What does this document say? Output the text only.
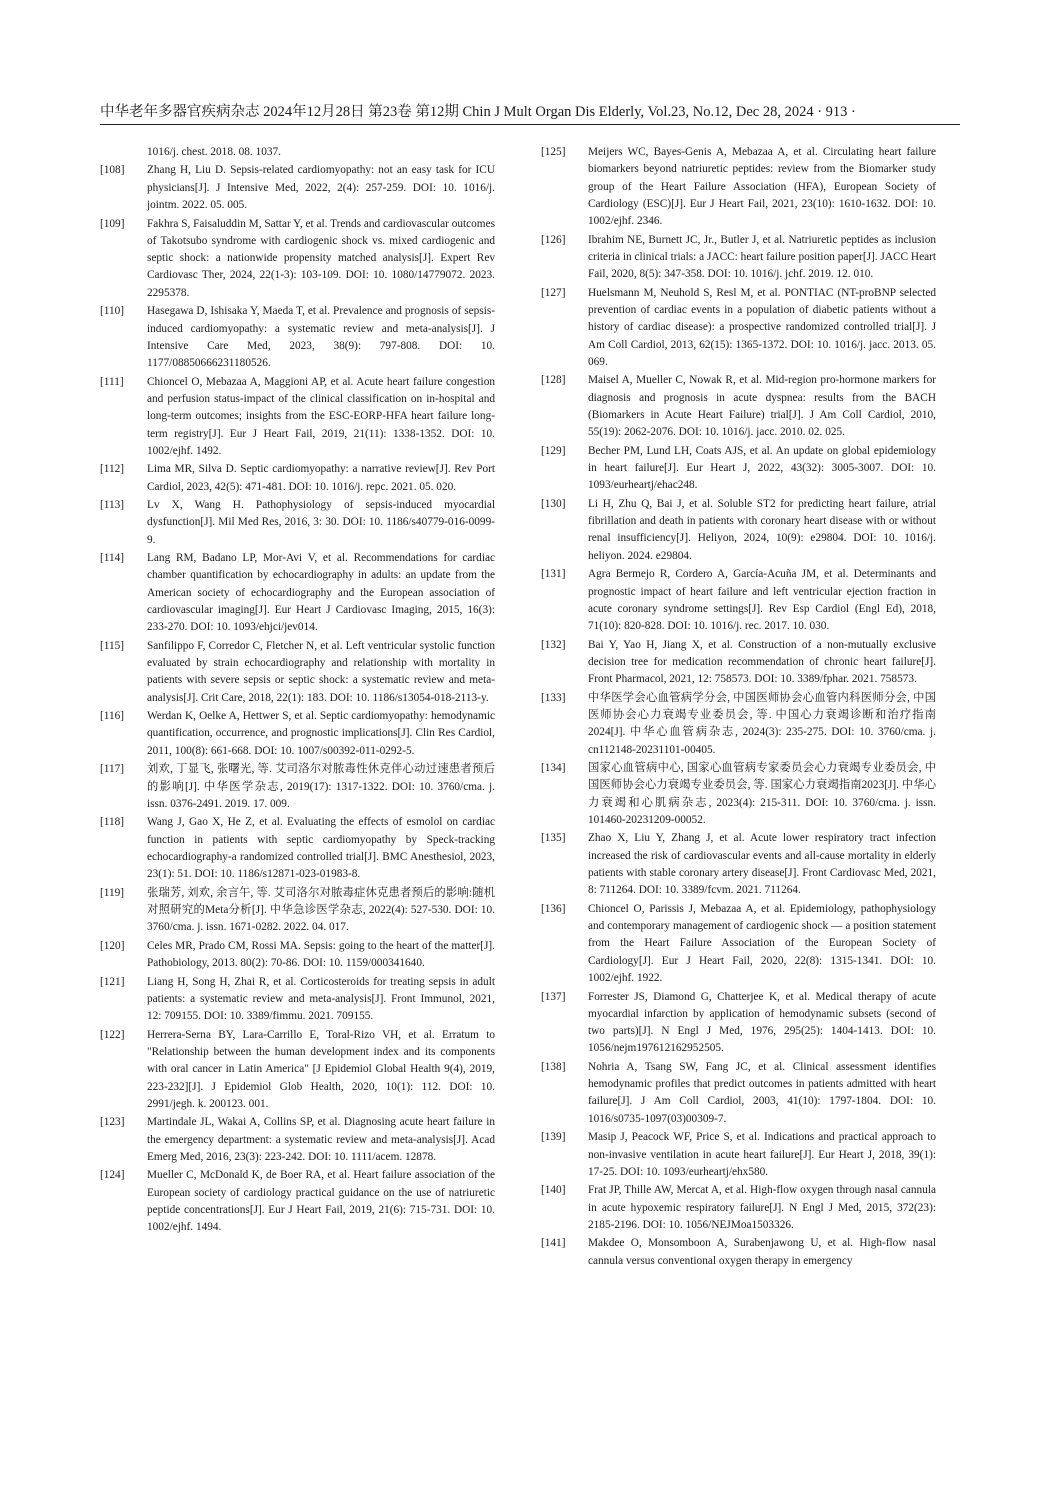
中华老年多器官疾病杂志 2024年12月28日 第23卷 第12期 Chin J Mult Organ Dis Elderly, Vol.23, No.12, Dec 28, 2024 · 913 ·
1016/j. chest. 2018. 08. 1037.
[108]	Zhang H, Liu D. Sepsis-related cardiomyopathy: not an easy task for ICU physicians[J]. J Intensive Med, 2022, 2(4): 257-259. DOI: 10. 1016/j. jointm. 2022. 05. 005.
[109]	Fakhra S, Faisaluddin M, Sattar Y, et al. Trends and cardiovascular outcomes of Takotsubo syndrome with cardiogenic shock vs. mixed cardiogenic and septic shock: a nationwide propensity matched analysis[J]. Expert Rev Cardiovasc Ther, 2024, 22(1-3): 103-109. DOI: 10. 1080/14779072. 2023. 2295378.
[110]	Hasegawa D, Ishisaka Y, Maeda T, et al. Prevalence and prognosis of sepsis-induced cardiomyopathy: a systematic review and meta-analysis[J]. J Intensive Care Med, 2023, 38(9): 797-808. DOI: 10. 1177/08850666231180526.
[111]	Chioncel O, Mebazaa A, Maggioni AP, et al. Acute heart failure congestion and perfusion status-impact of the clinical classification on in-hospital and long-term outcomes; insights from the ESC-EORP-HFA heart failure long-term registry[J]. Eur J Heart Fail, 2019, 21(11): 1338-1352. DOI: 10. 1002/ejhf. 1492.
[112]	Lima MR, Silva D. Septic cardiomyopathy: a narrative review[J]. Rev Port Cardiol, 2023, 42(5): 471-481. DOI: 10. 1016/j. repc. 2021. 05. 020.
[113]	Lv X, Wang H. Pathophysiology of sepsis-induced myocardial dysfunction[J]. Mil Med Res, 2016, 3: 30. DOI: 10. 1186/s40779-016-0099-9.
[114]	Lang RM, Badano LP, Mor-Avi V, et al. Recommendations for cardiac chamber quantification by echocardiography in adults: an update from the American society of echocardiography and the European association of cardiovascular imaging[J]. Eur Heart J Cardiovasc Imaging, 2015, 16(3): 233-270. DOI: 10. 1093/ehjci/jev014.
[115]	Sanfilippo F, Corredor C, Fletcher N, et al. Left ventricular systolic function evaluated by strain echocardiography and relationship with mortality in patients with severe sepsis or septic shock: a systematic review and meta-analysis[J]. Crit Care, 2018, 22(1): 183. DOI: 10. 1186/s13054-018-2113-y.
[116]	Werdan K, Oelke A, Hettwer S, et al. Septic cardiomyopathy: hemodynamic quantification, occurrence, and prognostic implications[J]. Clin Res Cardiol, 2011, 100(8): 661-668. DOI: 10. 1007/s00392-011-0292-5.
[117]	刘欢, 丁显飞, 张曙光, 等. 艾司洛尔对脓毒性休克伴心动过速患者预后的影响[J]. 中华医学杂志, 2019(17): 1317-1322. DOI: 10. 3760/cma. j. issn. 0376-2491. 2019. 17. 009.
[118]	Wang J, Gao X, He Z, et al. Evaluating the effects of esmolol on cardiac function in patients with septic cardiomyopathy by Speck-tracking echocardiography-a randomized controlled trial[J]. BMC Anesthesiol, 2023, 23(1): 51. DOI: 10. 1186/s12871-023-01983-8.
[119]	张瑞芳, 刘欢, 余言午, 等. 艾司洛尔对脓毒症休克患者预后的影响:随机对照研究的Meta分析[J]. 中华急诊医学杂志, 2022(4): 527-530. DOI: 10. 3760/cma. j. issn. 1671-0282. 2022. 04. 017.
[120]	Celes MR, Prado CM, Rossi MA. Sepsis: going to the heart of the matter[J]. Pathobiology, 2013. 80(2): 70-86. DOI: 10. 1159/000341640.
[121]	Liang H, Song H, Zhai R, et al. Corticosteroids for treating sepsis in adult patients: a systematic review and meta-analysis[J]. Front Immunol, 2021, 12: 709155. DOI: 10. 3389/fimmu. 2021. 709155.
[122]	Herrera-Serna BY, Lara-Carrillo E, Toral-Rizo VH, et al. Erratum to "Relationship between the human development index and its components with oral cancer in Latin America" [J Epidemiol Global Health 9(4), 2019, 223-232][J]. J Epidemiol Glob Health, 2020, 10(1): 112. DOI: 10. 2991/jegh. k. 200123. 001.
[123]	Martindale JL, Wakai A, Collins SP, et al. Diagnosing acute heart failure in the emergency department: a systematic review and meta-analysis[J]. Acad Emerg Med, 2016, 23(3): 223-242. DOI: 10. 1111/acem. 12878.
[124]	Mueller C, McDonald K, de Boer RA, et al. Heart failure association of the European society of cardiology practical guidance on the use of natriuretic peptide concentrations[J]. Eur J Heart Fail, 2019, 21(6): 715-731. DOI: 10. 1002/ejhf. 1494.
[125]	Meijers WC, Bayes-Genis A, Mebazaa A, et al. Circulating heart failure biomarkers beyond natriuretic peptides: review from the Biomarker study group of the Heart Failure Association (HFA), European Society of Cardiology (ESC)[J]. Eur J Heart Fail, 2021, 23(10): 1610-1632. DOI: 10. 1002/ejhf. 2346.
[126]	Ibrahim NE, Burnett JC, Jr., Butler J, et al. Natriuretic peptides as inclusion criteria in clinical trials: a JACC: heart failure position paper[J]. JACC Heart Fail, 2020, 8(5): 347-358. DOI: 10. 1016/j. jchf. 2019. 12. 010.
[127]	Huelsmann M, Neuhold S, Resl M, et al. PONTIAC (NT-proBNP selected prevention of cardiac events in a population of diabetic patients without a history of cardiac disease): a prospective randomized controlled trial[J]. J Am Coll Cardiol, 2013, 62(15): 1365-1372. DOI: 10. 1016/j. jacc. 2013. 05. 069.
[128]	Maisel A, Mueller C, Nowak R, et al. Mid-region pro-hormone markers for diagnosis and prognosis in acute dyspnea: results from the BACH (Biomarkers in Acute Heart Failure) trial[J]. J Am Coll Cardiol, 2010, 55(19): 2062-2076. DOI: 10. 1016/j. jacc. 2010. 02. 025.
[129]	Becher PM, Lund LH, Coats AJS, et al. An update on global epidemiology in heart failure[J]. Eur Heart J, 2022, 43(32): 3005-3007. DOI: 10. 1093/eurheartj/ehac248.
[130]	Li H, Zhu Q, Bai J, et al. Soluble ST2 for predicting heart failure, atrial fibrillation and death in patients with coronary heart disease with or without renal insufficiency[J]. Heliyon, 2024, 10(9): e29804. DOI: 10. 1016/j. heliyon. 2024. e29804.
[131]	Agra Bermejo R, Cordero A, García-Acuña JM, et al. Determinants and prognostic impact of heart failure and left ventricular ejection fraction in acute coronary syndrome settings[J]. Rev Esp Cardiol (Engl Ed), 2018, 71(10): 820-828. DOI: 10. 1016/j. rec. 2017. 10. 030.
[132]	Bai Y, Yao H, Jiang X, et al. Construction of a non-mutually exclusive decision tree for medication recommendation of chronic heart failure[J]. Front Pharmacol, 2021, 12: 758573. DOI: 10. 3389/fphar. 2021. 758573.
[133]	中华医学会心血管病学分会, 中国医师协会心血管内科医师分会, 中国医师协会心力衰竭专业委员会, 等. 中国心力衰竭诊断和治疗指南2024[J]. 中华心血管病杂志, 2024(3): 235-275. DOI: 10. 3760/cma. j. cn112148-20231101-00405.
[134]	国家心血管病中心, 国家心血管病专家委员会心力衰竭专业委员会, 中国医师协会心力衰竭专业委员会, 等. 国家心力衰竭指南2023[J]. 中华心力衰竭和心肌病杂志, 2023(4): 215-311. DOI: 10. 3760/cma. j. issn. 101460-20231209-00052.
[135]	Zhao X, Liu Y, Zhang J, et al. Acute lower respiratory tract infection increased the risk of cardiovascular events and all-cause mortality in elderly patients with stable coronary artery disease[J]. Front Cardiovasc Med, 2021, 8: 711264. DOI: 10. 3389/fcvm. 2021. 711264.
[136]	Chioncel O, Parissis J, Mebazaa A, et al. Epidemiology, pathophysiology and contemporary management of cardiogenic shock — a position statement from the Heart Failure Association of the European Society of Cardiology[J]. Eur J Heart Fail, 2020, 22(8): 1315-1341. DOI: 10. 1002/ejhf. 1922.
[137]	Forrester JS, Diamond G, Chatterjee K, et al. Medical therapy of acute myocardial infarction by application of hemodynamic subsets (second of two parts)[J]. N Engl J Med, 1976, 295(25): 1404-1413. DOI: 10. 1056/nejm197612162952505.
[138]	Nohria A, Tsang SW, Fang JC, et al. Clinical assessment identifies hemodynamic profiles that predict outcomes in patients admitted with heart failure[J]. J Am Coll Cardiol, 2003, 41(10): 1797-1804. DOI: 10. 1016/s0735-1097(03)00309-7.
[139]	Masip J, Peacock WF, Price S, et al. Indications and practical approach to non-invasive ventilation in acute heart failure[J]. Eur Heart J, 2018, 39(1): 17-25. DOI: 10. 1093/eurheartj/ehx580.
[140]	Frat JP, Thille AW, Mercat A, et al. High-flow oxygen through nasal cannula in acute hypoxemic respiratory failure[J]. N Engl J Med, 2015, 372(23): 2185-2196. DOI: 10. 1056/NEJMoa1503326.
[141]	Makdee O, Monsomboon A, Surabenjawong U, et al. High-flow nasal cannula versus conventional oxygen therapy in emergency
